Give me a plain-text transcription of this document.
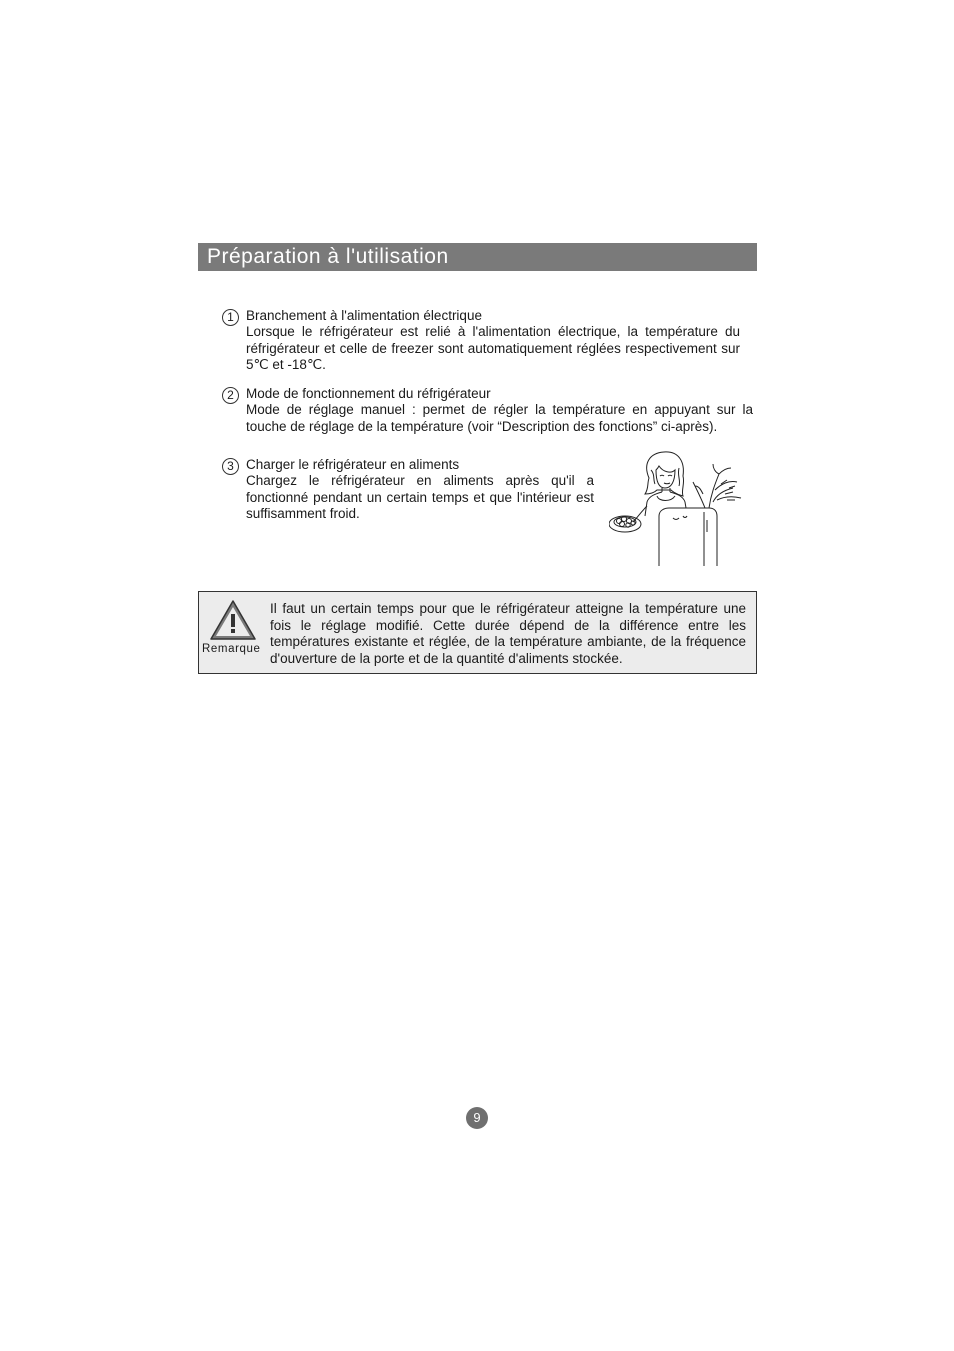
Préparation à l'utilisation
1 Branchement à l'alimentation électrique
Lorsque le réfrigérateur est relié à l'alimentation électrique, la température du réfrigérateur et celle de freezer sont automatiquement réglées respectivement sur 5℃ et -18℃.
2 Mode de fonctionnement du réfrigérateur
Mode de réglage manuel : permet de régler la température en appuyant sur la touche de réglage de la température (voir “Description des fonctions” ci-après).
3 Charger le réfrigérateur en aliments
Chargez le réfrigérateur en aliments après qu'il a fonctionné pendant un certain temps et que l'intérieur est suffisamment froid.
Remarque
Il faut un certain temps pour que le réfrigérateur atteigne la température une fois le réglage modifié. Cette durée dépend de la différence entre les températures existante et réglée, de la température ambiante, de la fréquence d'ouverture de la porte et de la quantité d'aliments stockée.
9
